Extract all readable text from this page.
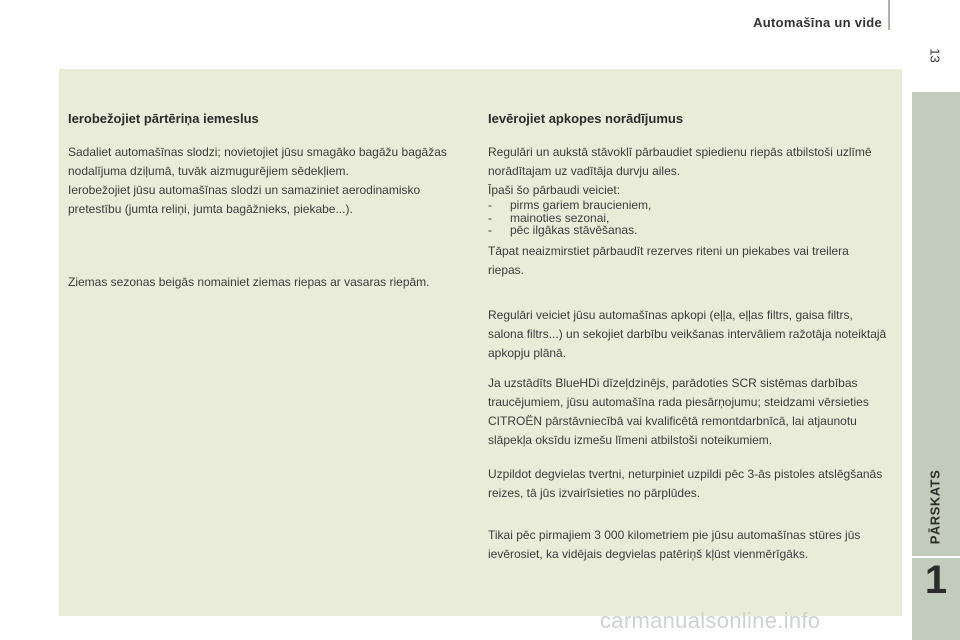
Automašīna un vide
13
PĀRSKATS
1
Ierobežojiet pārtēriņa iemeslus

Sadaliet automašīnas slodzi; novietojiet jūsu smagāko bagāžu bagāžas nodalījuma dziļumā, tuvāk aizmugurējiem sēdekļiem.

Ierobežojiet jūsu automašīnas slodzi un samaziniet aerodinamisko pretestību (jumta reliņi, jumta bagāžnieks, piekabe...).

Ziemas sezonas beigās nomainiet ziemas riepas ar vasaras riepām.

Ievērojiet apkopes norādījumus

Regulāri un aukstā stāvoklī pārbaudiet spiedienu riepās atbilstoši uzlīmē norādītajam uz vadītāja durvju ailes.

Īpaši šo pārbaudi veiciet:

- pirms gariem braucieniem,
- mainoties sezonai,
- pēc ilgākas stāvēšanas.

Tāpat neaizmirstiet pārbaudīt rezerves riteni un piekabes vai treilera riepas.

Regulāri veiciet jūsu automašīnas apkopi (eļļa, eļļas filtrs, gaisa filtrs, salona filtrs...) un sekojiet darbību veikšanas intervāliem ražotāja noteiktajā apkopju plānā.

Ja uzstādīts BlueHDi dīzeļdzinējs, parādoties SCR sistēmas darbības traucējumiem, jūsu automašīna rada piesārņojumu; steidzami vērsieties CITROËN pārstāvniecībā vai kvalificētā remontdarbnīcā, lai atjaunotu slāpekļa oksīdu izmešu līmeni atbilstoši noteikumiem.

Uzpildot degvielas tvertni, neturpiniet uzpildi pēc 3-ās pistoles atslēgšanās reizes, tā jūs izvairīsieties no pārplūdes.

Tikai pēc pirmajiem 3 000 kilometriem pie jūsu automašīnas stūres jūs ievērosiet, ka vidējais degvielas patēriņš kļūst vienmērīgāks.

carmanualsonline.info
